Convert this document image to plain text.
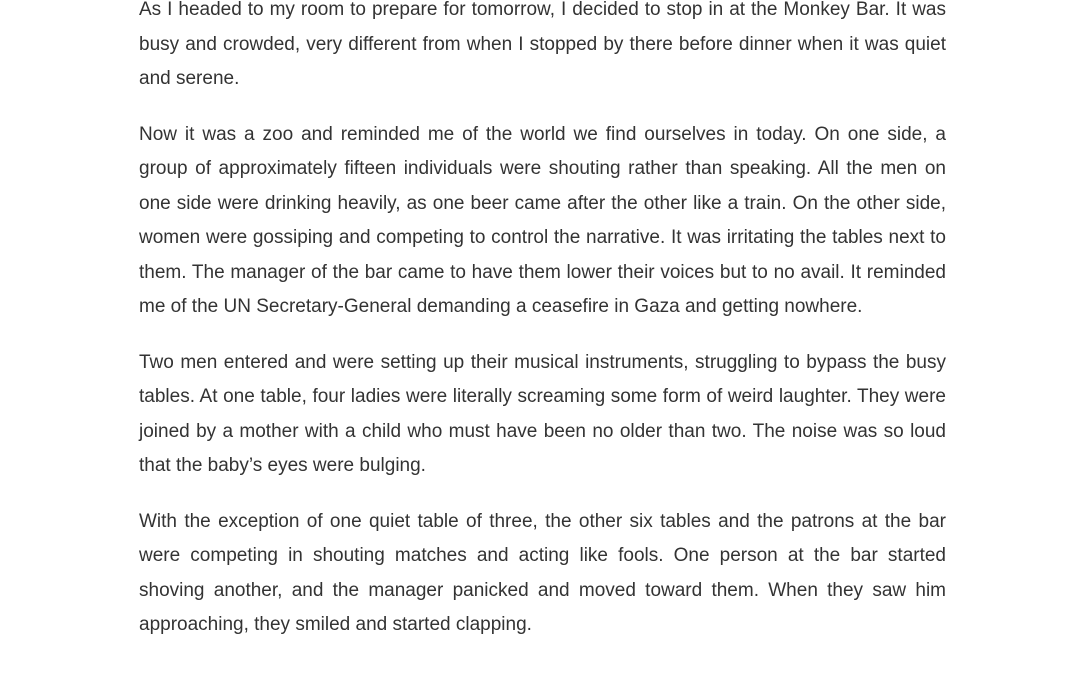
As I headed to my room to prepare for tomorrow, I decided to stop in at the Monkey Bar. It was busy and crowded, very different from when I stopped by there before dinner when it was quiet and serene.

Now it was a zoo and reminded me of the world we find ourselves in today. On one side, a group of approximately fifteen individuals were shouting rather than speaking. All the men on one side were drinking heavily, as one beer came after the other like a train. On the other side, women were gossiping and competing to control the narrative. It was irritating the tables next to them. The manager of the bar came to have them lower their voices but to no avail. It reminded me of the UN Secretary-General demanding a ceasefire in Gaza and getting nowhere.

Two men entered and were setting up their musical instruments, struggling to bypass the busy tables. At one table, four ladies were literally screaming some form of weird laughter. They were joined by a mother with a child who must have been no older than two. The noise was so loud that the baby’s eyes were bulging.

With the exception of one quiet table of three, the other six tables and the patrons at the bar were competing in shouting matches and acting like fools. One person at the bar started shoving another, and the manager panicked and moved toward them. When they saw him approaching, they smiled and started clapping.
